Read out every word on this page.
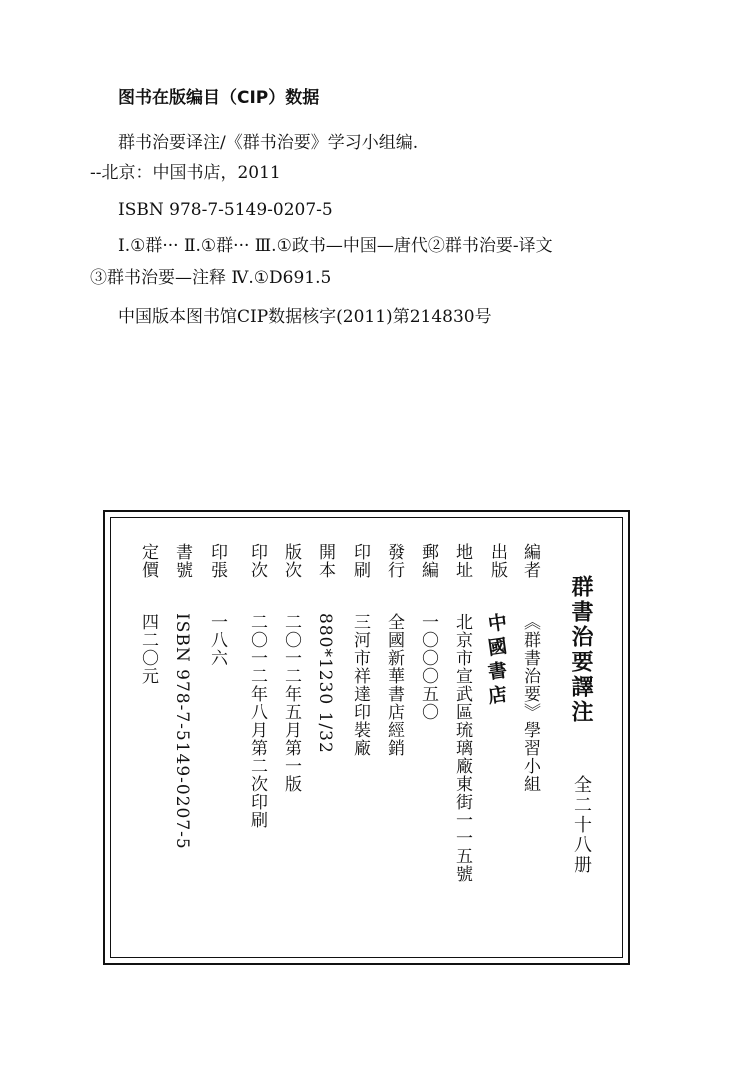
图书在版编目（CIP）数据
群书治要译注/《群书治要》学习小组编.
--北京：中国书店，2011
ISBN 978-7-5149-0207-5
Ⅰ.①群··· Ⅱ.①群··· Ⅲ.①政书—中国—唐代②群书治要-译文
③群书治要—注释 Ⅳ.①D691.5
中国版本图书馆CIP数据核字(2011)第214830号
群書治要譯注
全二十八册
編者《群書治要》學習小組
出版
中
國
書
店
地址北京市宣武區琉璃廠東街一一五號
郵編一〇〇〇五〇
發行全國新華書店經銷
印刷三河市祥達印裝廠
開本880*1230 1/32
版次二〇一二年五月第一版
印次二〇一二年八月第二次印刷
印張一八六
書號ISBN 978-7-5149-0207-5
定價四二〇元
